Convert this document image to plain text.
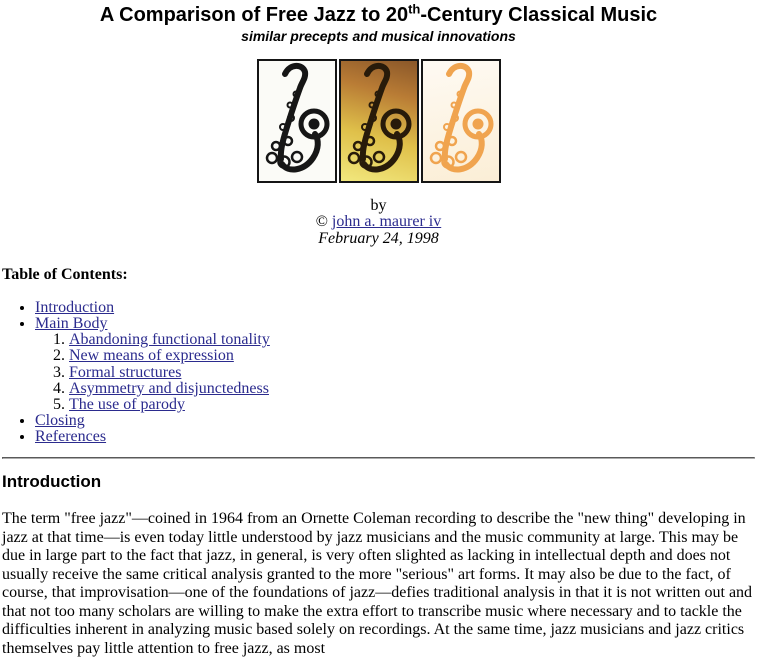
A Comparison of Free Jazz to 20th-Century Classical Music
similar precepts and musical innovations
by
© john a. maurer iv
February 24, 1998

Table of Contents:

• Introduction
• Main Body
1. Abandoning functional tonality
2. New means of expression
3. Formal structures
4. Asymmetry and disjunctedness
5. The use of parody
• Closing
• References
Introduction

The term "free jazz"—coined in 1964 from an Ornette Coleman recording to describe the "new thing" developing in jazz at that time—is even today little understood by jazz musicians and the music community at large. This may be due in large part to the fact that jazz, in general, is very often slighted as lacking in intellectual depth and does not usually receive the same critical analysis granted to the more "serious" art forms. It may also be due to the fact, of course, that improvisation—one of the foundations of jazz—defies traditional analysis in that it is not written out and that not too many scholars are willing to make the extra effort to transcribe music where necessary and to tackle the difficulties inherent in analyzing music based solely on recordings. At the same time, jazz musicians and jazz critics themselves pay little attention to free jazz, as most
